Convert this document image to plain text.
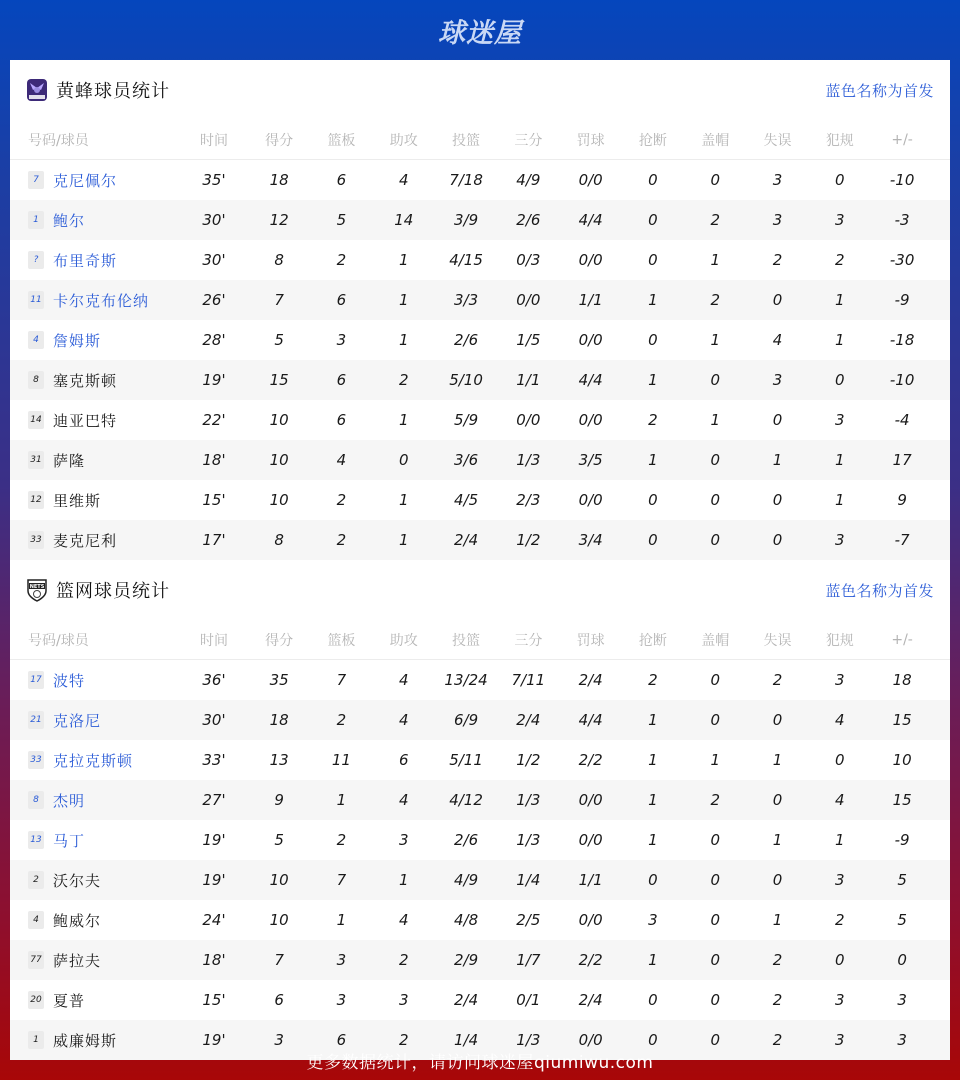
球迷屋
黄蜂球员统计	蓝色名称为首发
号码/球员	时间	得分	篮板	助攻	投篮	三分	罚球	抢断	盖帽	失误	犯规	+/-
7 克尼佩尔	35'	18	6	4	7/18	4/9	0/0	0	0	3	0	-10
1 鲍尔	30'	12	5	14	3/9	2/6	4/4	0	2	3	3	-3
? 布里奇斯	30'	8	2	1	4/15	0/3	0/0	0	1	2	2	-30
11 卡尔克布伦纳	26'	7	6	1	3/3	0/0	1/1	1	2	0	1	-9
4 詹姆斯	28'	5	3	1	2/6	1/5	0/0	0	1	4	1	-18
8 塞克斯顿	19'	15	6	2	5/10	1/1	4/4	1	0	3	0	-10
14 迪亚巴特	22'	10	6	1	5/9	0/0	0/0	2	1	0	3	-4
31 萨隆	18'	10	4	0	3/6	1/3	3/5	1	0	1	1	17
12 里维斯	15'	10	2	1	4/5	2/3	0/0	0	0	0	1	9
33 麦克尼利	17'	8	2	1	2/4	1/2	3/4	0	0	0	3	-7
NETS 篮网球员统计	蓝色名称为首发
号码/球员	时间	得分	篮板	助攻	投篮	三分	罚球	抢断	盖帽	失误	犯规	+/-
17 波特	36'	35	7	4	13/24	7/11	2/4	2	0	2	3	18
21 克洛尼	30'	18	2	4	6/9	2/4	4/4	1	0	0	4	15
33 克拉克斯顿	33'	13	11	6	5/11	1/2	2/2	1	1	1	0	10
8 杰明	27'	9	1	4	4/12	1/3	0/0	1	2	0	4	15
13 马丁	19'	5	2	3	2/6	1/3	0/0	1	0	1	1	-9
2 沃尔夫	19'	10	7	1	4/9	1/4	1/1	0	0	0	3	5
4 鲍威尔	24'	10	1	4	4/8	2/5	0/0	3	0	1	2	5
77 萨拉夫	18'	7	3	2	2/9	1/7	2/2	1	0	2	0	0
20 夏普	15'	6	3	3	2/4	0/1	2/4	0	0	2	3	3
1 威廉姆斯	19'	3	6	2	1/4	1/3	0/0	0	0	2	3	3
更多数据统计，请访问球迷屋qiumiwu.com
